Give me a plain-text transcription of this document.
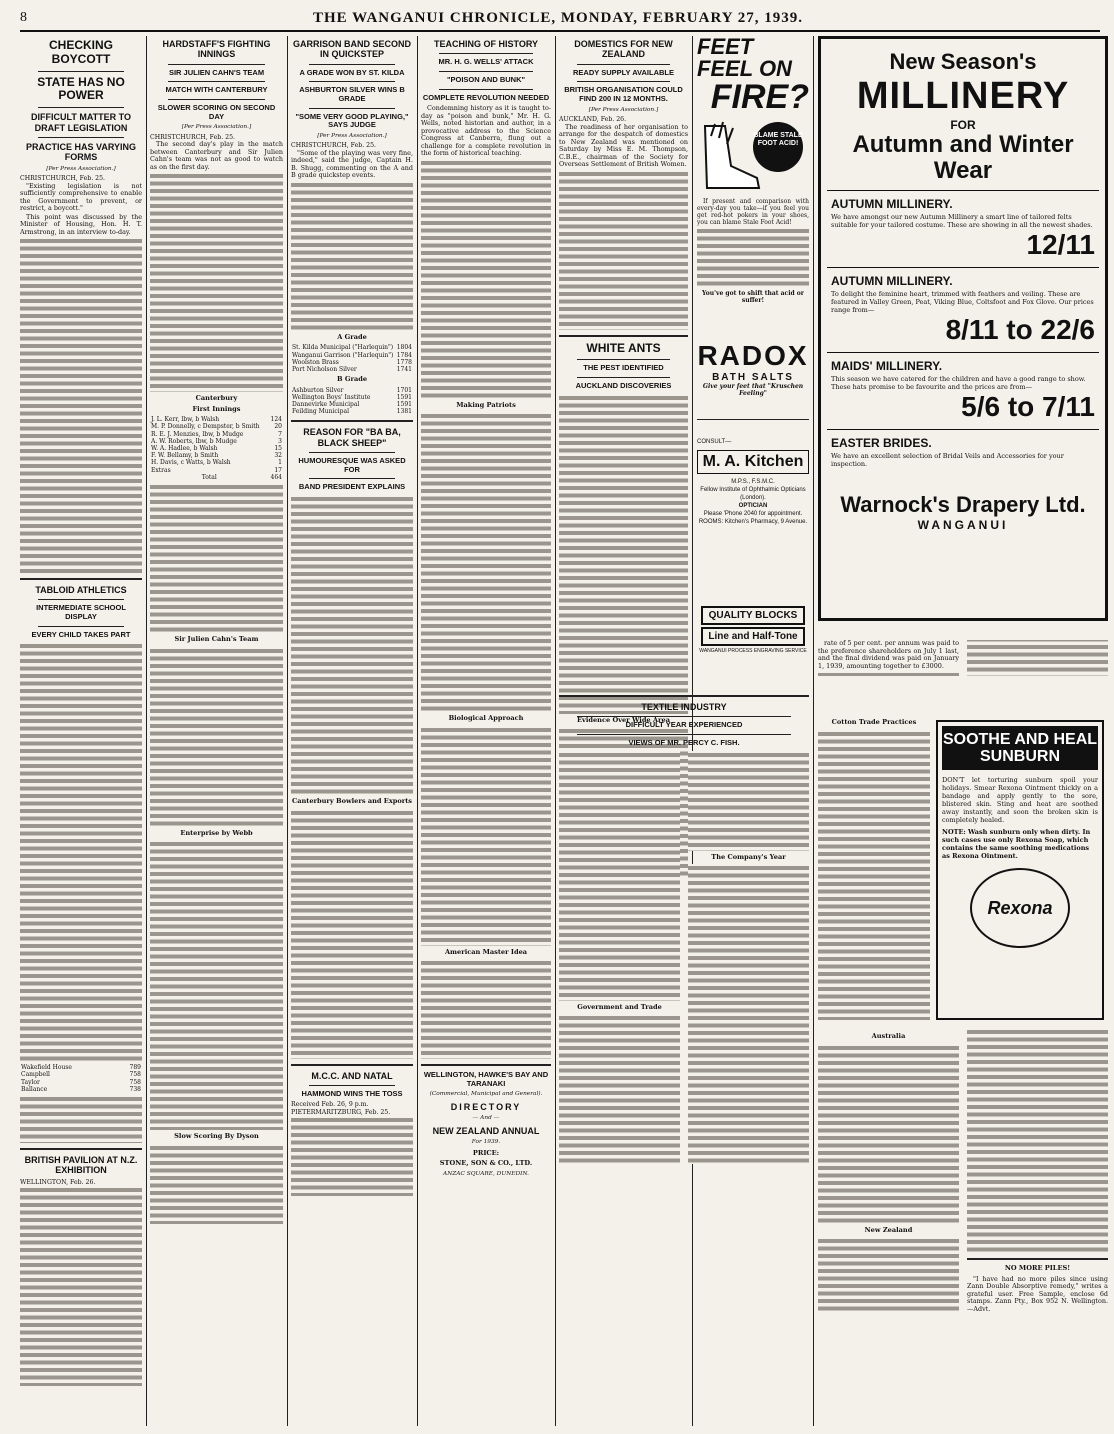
8	THE WANGANUI CHRONICLE, MONDAY, FEBRUARY 27, 1939.
CHECKING BOYCOTT
STATE HAS NO POWER
DIFFICULT MATTER TO DRAFT LEGISLATION
PRACTICE HAS VARYING FORMS
[Per Press Association.]
CHRISTCHURCH, Feb. 25.
"Existing legislation is not sufficiently comprehensive to enable the Government to prevent, or restrict, a boycott."
This point was discussed by the Minister of Housing, Hon. H. T. Armstrong, in an interview to-day.
TABLOID ATHLETICS
INTERMEDIATE SCHOOL DISPLAY
EVERY CHILD TAKES PART
Wakefield House	789
Campbell	758
Taylor	758
Ballance	738
BRITISH PAVILION AT N.Z. EXHIBITION
WELLINGTON, Feb. 26.
HARDSTAFF'S FIGHTING INNINGS
SIR JULIEN CAHN'S TEAM
MATCH WITH CANTERBURY
SLOWER SCORING ON SECOND DAY
[Per Press Association.]
CHRISTCHURCH, Feb. 25.
The second day's play in the match between Canterbury and Sir Julien Cahn's team was not as good to watch as on the first day.
Canterbury
First Innings
J. L. Kerr, lbw, b Walsh	124
M. P. Donnelly, c Dempster, b Smith	20
R. E. J. Menzies, lbw, b Mudge	7
A. W. Roberts, lbw, b Mudge	3
W. A. Hadlee, b Walsh	15
F. W. Bellamy, b Smith	32
H. Davis, c Watts, b Walsh	1
Extras	17
Total	464
Sir Julien Cahn's Team
Enterprise by Webb
Slow Scoring By Dyson
GARRISON BAND SECOND IN QUICKSTEP
A GRADE WON BY ST. KILDA
ASHBURTON SILVER WINS B GRADE
"SOME VERY GOOD PLAYING," SAYS JUDGE
[Per Press Association.]
CHRISTCHURCH, Feb. 25.
"Some of the playing was very fine, indeed," said the judge, Captain H. B. Shugg, commenting on the A and B grade quickstep events.
A Grade
St. Kilda Municipal ("Harlequin")	1804
Wanganui Garrison ("Harlequin")	1784
Woolston Brass	1778
Port Nicholson Silver	1741
B Grade
Ashburton Silver	1701
Wellington Boys' Institute	1591
Dannevirke Municipal	1591
Feilding Municipal	1381
REASON FOR "BA BA, BLACK SHEEP"
HUMOURESQUE WAS ASKED FOR
BAND PRESIDENT EXPLAINS
Canterbury Bowlers and Exports
M.C.C. AND NATAL
HAMMOND WINS THE TOSS
Received Feb. 26, 9 p.m. PIETERMARITZBURG, Feb. 25.
TEACHING OF HISTORY
MR. H. G. WELLS' ATTACK
"POISON AND BUNK"
COMPLETE REVOLUTION NEEDED
Condemning history as it is taught to-day as "poison and bunk," Mr. H. G. Wells, noted historian and author, in a provocative address to the Science Congress at Canberra, flung out a challenge for a complete revolution in the form of historical teaching.
Making Patriots
Biological Approach
American Master Idea
WELLINGTON, HAWKE'S BAY AND TARANAKI
(Commercial, Municipal and General).
DIRECTORY
— And —
NEW ZEALAND ANNUAL
For 1939.
PRICE:
STONE, SON & CO., LTD.
ANZAC SQUARE, DUNEDIN.
DOMESTICS FOR NEW ZEALAND
READY SUPPLY AVAILABLE
BRITISH ORGANISATION COULD FIND 200 IN 12 MONTHS.
[Per Press Association.]
AUCKLAND, Feb. 26.
The readiness of her organisation to arrange for the despatch of domestics to New Zealand was mentioned on Saturday by Miss E. M. Thompson, C.B.E., chairman of the Society for Overseas Settlement of British Women.
WHITE ANTS
THE PEST IDENTIFIED
AUCKLAND DISCOVERIES
Evidence Over Wide Area
TEXTILE INDUSTRY
DIFFICULT YEAR EXPERIENCED
VIEWS OF MR. PERCY C. FISH.
Government and Trade
The Company's Year
FEET FEEL ON
FIRE?
BLAME STALE FOOT ACID!
If present and comparison with every-day you take—if you feel you get red-hot pokers in your shoes, you can blame Stale Foot Acid!
You've got to shift that acid or suffer!
RADOX
BATH SALTS
Give your feet that "Kruschen Feeling"
CONSULT—
M. A. Kitchen
M.P.S., F.S.M.C.
Fellow Institute of Ophthalmic Opticians (London).
OPTICIAN
Please 'Phone 2040 for appointment.
ROOMS: Kitchen's Pharmacy, 9 Avenue.
QUALITY BLOCKS
Line and Half-Tone
WANGANUI PROCESS ENGRAVING SERVICE
New Season's
MILLINERY
FOR
Autumn and Winter Wear
AUTUMN MILLINERY.
We have amongst our new Autumn Millinery a smart line of tailored felts suitable for your tailored costume. These are showing in all the newest shades.
12/11
AUTUMN MILLINERY.
To delight the feminine heart, trimmed with feathers and veiling. These are featured in Valley Green, Peat, Viking Blue, Coltsfoot and Fox Glove. Our prices range from—
8/11 to 22/6
MAIDS' MILLINERY.
This season we have catered for the children and have a good range to show. These hats promise to be favourite and the prices are from—
5/6 to 7/11
EASTER BRIDES.
We have an excellent selection of Bridal Veils and Accessories for your inspection.
Warnock's Drapery Ltd.
WANGANUI
rate of 5 per cent. per annum was paid to the preference shareholders on July 1 last, and the final dividend was paid on January 1, 1939, amounting together to £3000.
Cotton Trade Practices
SOOTHE AND HEAL SUNBURN
DON'T let torturing sunburn spoil your holidays. Smear Rexona Ointment thickly on a bandage and apply gently to the sore, blistered skin. Sting and heat are soothed away instantly, and soon the broken skin is completely healed.
NOTE: Wash sunburn only when dirty. In such cases use only Rexona Soap, which contains the same soothing medications as Rexona Ointment.
Rexona
Australia
New Zealand
NO MORE PILES!
"I have had no more piles since using Zann Double Absorptive remedy," writes a grateful user. Free Sample, enclose 6d stamps. Zann Pty., Box 952 N. Wellington.—Advt.
